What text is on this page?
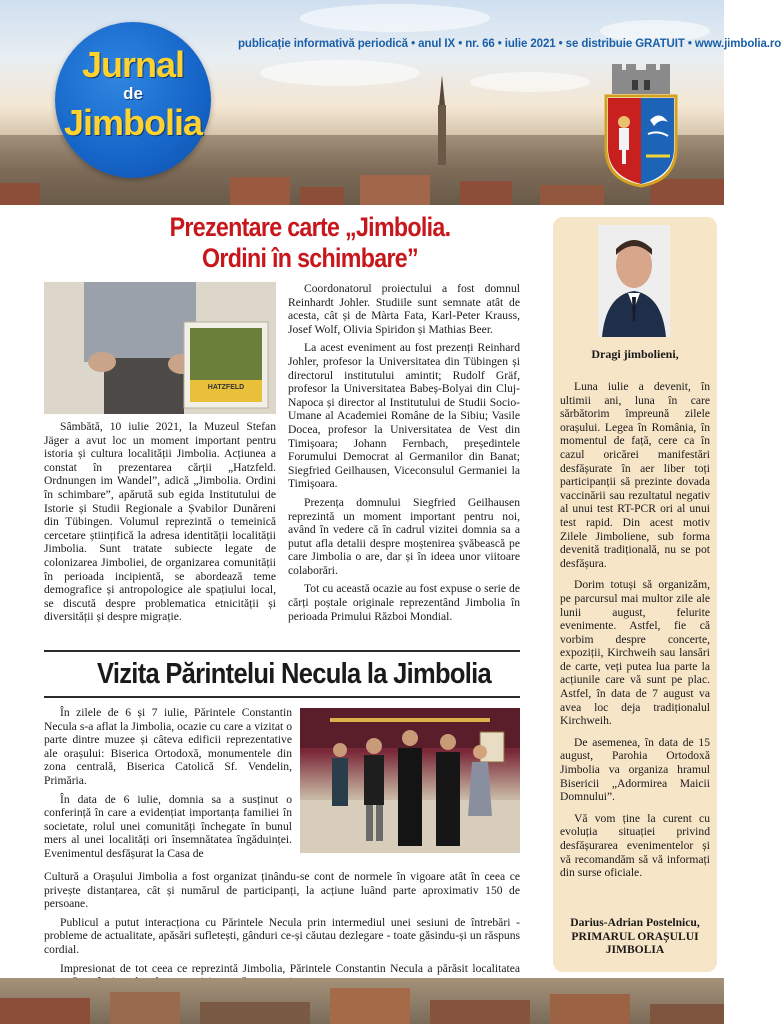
publicație informativă periodică • anul IX • nr. 66 • iulie 2021 • se distribuie GRATUIT • www.jimbolia.ro
Jurnal
de
Jimbolia
Prezentare carte „Jimbolia.
Ordini în schimbare”
HATZFELD

Sâmbătă, 10 iulie 2021, la Muzeul Stefan Jäger a avut loc un moment important pentru istoria și cultura localității Jimbolia. Acțiunea a constat în prezentarea cărții „Hatzfeld. Ordnungen im Wandel”, adică „Jimbolia. Ordini în schimbare”, apărută sub egida Institutului de Istorie și Studii Regionale a Șvabilor Dunăreni din Tübingen. Volumul reprezintă o temeinică cercetare științifică la adresa identității localității Jimbolia. Sunt tratate subiecte legate de colonizarea Jimboliei, de organizarea comunității în perioada incipientă, se abordează teme demografice și antropologice ale spațiului local, se discută despre problematica etnicității și diversității și despre migrație.

Coordonatorul proiectului a fost domnul Reinhardt Johler. Studiile sunt semnate atât de acesta, cât și de Màrta Fata, Karl-Peter Krauss, Josef Wolf, Olivia Spiridon și Mathias Beer.

La acest eveniment au fost prezenți Reinhard Johler, profesor la Universitatea din Tübingen și directorul institutului amintit; Rudolf Gräf, profesor la Universitatea Babeș-Bolyai din Cluj-Napoca și director al Institutului de Studii Socio-Umane al Academiei Române de la Sibiu; Vasile Docea, profesor la Universitatea de Vest din Timișoara; Johann Fernbach, președintele Forumului Democrat al Germanilor din Banat; Siegfried Geilhausen, Viceconsulul Germaniei la Timișoara.

Prezența domnului Siegfried Geilhausen reprezintă un moment important pentru noi, având în vedere că în cadrul vizitei domnia sa a putut afla detalii despre moștenirea șvăbească pe care Jimbolia o are, dar și în ideea unor viitoare colaborări.

Tot cu această ocazie au fost expuse o serie de cărți poștale originale reprezentând Jimbolia în perioada Primului Război Mondial.

Vizita Părintelui Necula la Jimbolia

În zilele de 6 și 7 iulie, Părintele Constantin Necula s-a aflat la Jimbolia, ocazie cu care a vizitat o parte dintre muzee și câteva edificii reprezentative ale orașului: Biserica Ortodoxă, monumentele din zona centrală, Biserica Catolică Sf. Vendelin, Primăria.

În data de 6 iulie, domnia sa a susținut o conferință în care a evidențiat importanța familiei în societate, rolul unei comunități închegate în bunul mers al unei localități ori însemnătatea îngăduinței. Evenimentul desfășurat la Casa de

Cultură a Orașului Jimbolia a fost organizat ținându-se cont de normele în vigoare atât în ceea ce privește distanțarea, cât și numărul de participanți, la acțiune luând parte aproximativ 150 de persoane.

Publicul a putut interacționa cu Părintele Necula prin intermediul unei sesiuni de întrebări - probleme de actualitate, apăsări sufletești, gânduri ce-și căutau dezlegare - toate găsindu-și un răspuns cordial.

Impresionat de tot ceea ce reprezintă Jimbolia, Părintele Constantin Necula a părăsit localitatea

Dragi jimbolieni,

Luna iulie a devenit, în ultimii ani, luna în care sărbătorim împreună zilele orașului. Legea în România, în momentul de față, cere ca în cazul oricărei manifestări desfășurate în aer liber toți participanții să prezinte dovada vaccinării sau rezultatul negativ al unui test RT-PCR ori al unui test rapid. Din acest motiv Zilele Jimboliene, sub forma devenită tradițională, nu se pot desfășura.

Dorim totuși să organizăm, pe parcursul mai multor zile ale lunii august, felurite evenimente. Astfel, fie că vorbim despre concerte, expoziții, Kirchweih sau lansări de carte, veți putea lua parte la acțiunile care vă sunt pe plac. Astfel, în data de 7 august va avea loc deja tradiționalul Kirchweih.

De asemenea, în data de 15 august, Parohia Ortodoxă Jimbolia va organiza hramul Bisericii „Adormirea Maicii Domnului”.

Vă vom ține la curent cu evoluția situației privind desfășurarea evenimentelor și vă recomandăm să vă informați din surse oficiale.

Darius-Adrian Postelnicu,
PRIMARUL ORAȘULUI
JIMBOLIA
